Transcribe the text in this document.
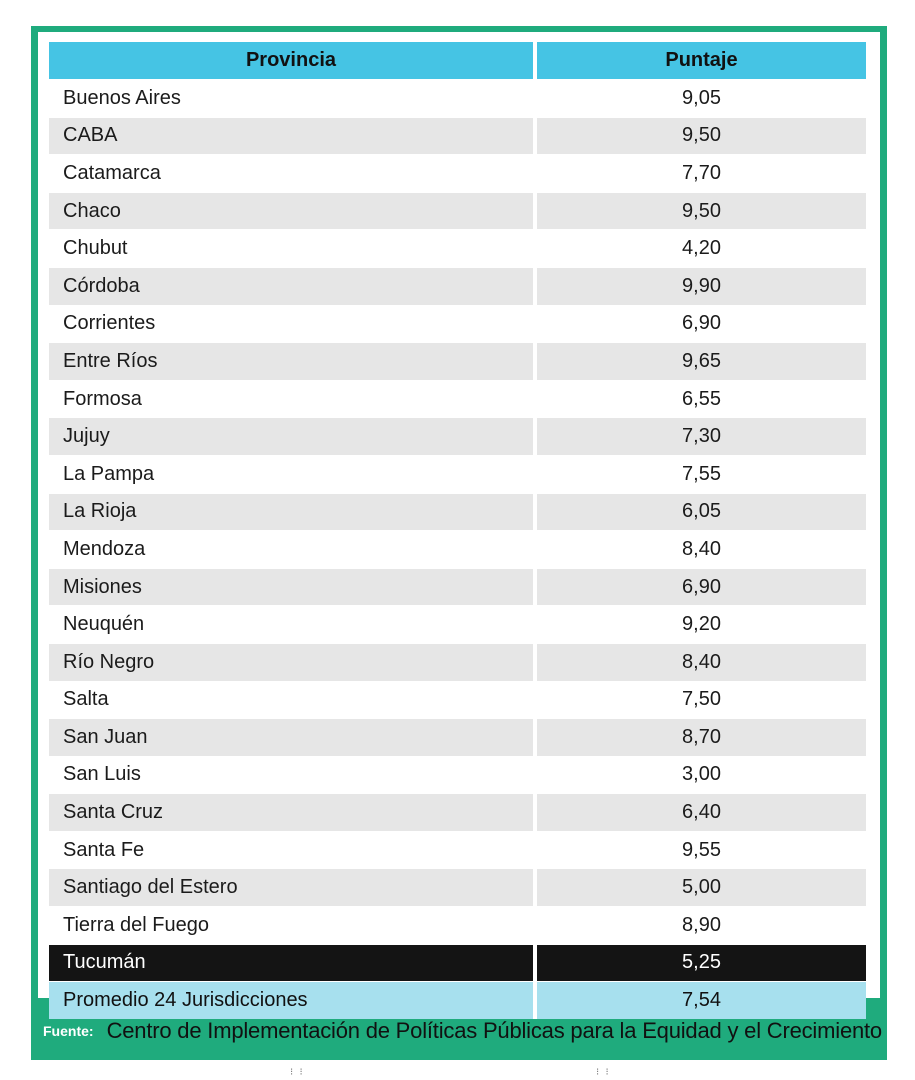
Provincia	Puntaje
Buenos Aires	9,05
CABA	9,50
Catamarca	7,70
Chaco	9,50
Chubut	4,20
Córdoba	9,90
Corrientes	6,90
Entre Ríos	9,65
Formosa	6,55
Jujuy	7,30
La Pampa	7,55
La Rioja	6,05
Mendoza	8,40
Misiones	6,90
Neuquén	9,20
Río Negro	8,40
Salta	7,50
San Juan	8,70
San Luis	3,00
Santa Cruz	6,40
Santa Fe	9,55
Santiago del Estero	5,00
Tierra del Fuego	8,90
Tucumán	5,25
Promedio 24 Jurisdicciones	7,54
Fuente: Centro de Implementación de Políticas Públicas para la Equidad y el Crecimiento
⁝  ⁝	⁝  ⁝
